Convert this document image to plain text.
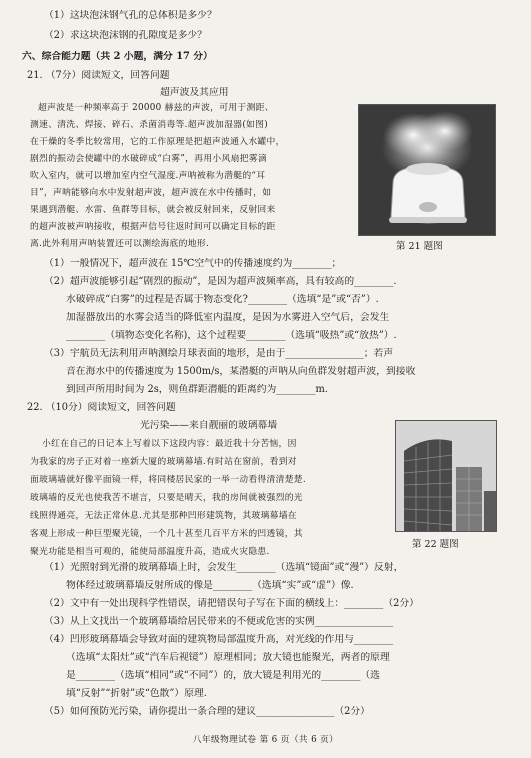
（1）这块泡沫钢气孔的总体积是多少？
（2）求这块泡沫钢的孔隙度是多少？
六、综合能力题（共 2 小题，满分 17 分）
21. （7分）阅读短文，回答问题
超声波及其应用
超声波是一种频率高于 20000 赫兹的声波，可用于测距、
测速、清洗、焊接、碎石、杀菌消毒等.超声波加湿器(如图)
在干燥的冬季比较常用，它的工作原理是把超声波通入水罐中，
剧烈的振动会使罐中的水破碎成“白雾”，再用小风扇把雾滴
吹入室内，就可以增加室内空气湿度.声呐被称为潜艇的“耳
目”，声呐能够向水中发射超声波，超声波在水中传播时，如
果遇到潜艇、水雷、鱼群等目标，就会被反射回来，反射回来
的超声波被声呐接收，根据声信号往返时间可以确定目标的距
离.此外利用声呐装置还可以测绘海底的地形.	第 21 题图
（1）一般情况下，超声波在 15℃空气中的传播速度约为________；
（2）超声波能够引起“剧烈的振动”，是因为超声波频率高，具有较高的________.
水破碎成“白雾”的过程是否属于物态变化?________（选填“是”或“否”）.
加湿器放出的水雾会适当的降低室内温度，是因为水雾进入空气后，会发生
________（填物态变化名称)，这个过程要________（选填“吸热”或“放热”）.
（3）宇航员无法利用声呐测绘月球表面的地形，是由于________________；若声
音在海水中的传播速度为 1500m/s，某潜艇的声呐从向鱼群发射超声波，到接收
到回声所用时间为 2s，则鱼群距潜艇的距离约为________m.
22. （10分）阅读短文，回答问题
光污染——来自靓丽的玻璃幕墙
小红在自己的日记本上写着以下这段内容：最近我十分苦恼，因
为我家的房子正对着一座新大厦的玻璃幕墙.有时站在窗前，看到对
面玻璃墙就好像平面镜一样，将同楼居民家的一举一动看得清清楚楚.
玻璃墙的反光也使我苦不堪言，只要是晴天，我的房间就被强烈的光
线照得通亮，无法正常休息.尤其是那种凹形建筑物，其玻璃幕墙在
客观上形成一种巨型聚光镜，一个几十甚至几百平方米的凹透镜，其
聚光功能是相当可观的，能使局部温度升高，造成火灾隐患.
第 22 题图
（1）光照射到光滑的玻璃幕墙上时，会发生________（选填“镜面”或“漫”）反射，
物体经过玻璃幕墙反射所成的像是________（选填“实”或“虚”）像.
（2）文中有一处出现科学性错误，请把错误句子写在下面的横线上：________（2分）
（3）从上文找出一个玻璃幕墙给居民带来的不便或危害的实例________________
（4）凹形玻璃幕墙会导致对面的建筑物局部温度升高，对光线的作用与________
（选填“太阳灶”或“汽车后视镜”）原理相同；放大镜也能聚光，两者的原理
是________（选填“相同”或“不同”）的，放大镜是利用光的________（选
填“反射”“折射”或“色散”）原理.
（5）如何预防光污染，请你提出一条合理的建议________________（2分）
八年级物理试卷 第 6 页（共 6 页）
